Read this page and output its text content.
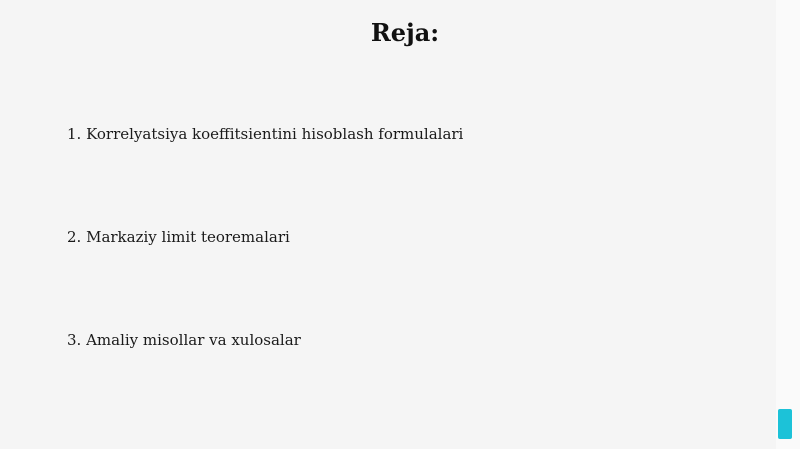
Reja:
1. Korrelyatsiya koeffitsientini hisoblash formulalari
2. Markaziy limit teoremalari
3. Amaliy misollar va xulosalar
